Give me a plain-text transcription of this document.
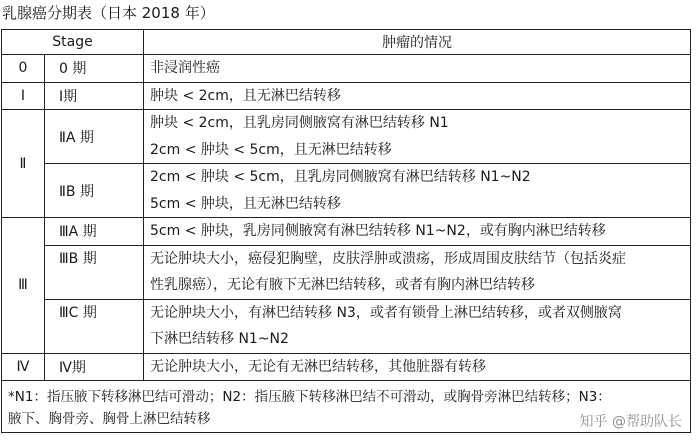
乳腺癌分期表（日本 2018 年）
Stage		肿瘤的情况
0	0 期	非浸润性癌
Ⅰ	Ⅰ期	肿块 < 2cm，且无淋巴结转移
Ⅱ	ⅡA 期	肿块 < 2cm，且乳房同侧腋窝有淋巴结转移 N1
2cm < 肿块 < 5cm，且无淋巴结转移

	ⅡB 期	2cm < 肿块 < 5cm，且乳房同侧腋窝有淋巴结转移 N1~N2
5cm < 肿块，且无淋巴结转移

Ⅲ	ⅢA 期	5cm < 肿块，乳房同侧腋窝有淋巴结转移 N1~N2，或有胸内淋巴结转移
	ⅢB 期	无论肿块大小，癌侵犯胸壁，皮肤浮肿或溃疡，形成周围皮肤结节（包括炎症
性乳腺癌），无论有腋下无淋巴结转移，或者有胸内淋巴结转移

	ⅢC 期	无论肿块大小，有淋巴结转移 N3，或者有锁骨上淋巴结转移，或者双侧腋窝
下淋巴结转移 N1~N2

Ⅳ	Ⅳ期	无论肿块大小，无论有无淋巴结转移，其他脏器有转移

*N1：指压腋下转移淋巴结可滑动；N2：指压腋下转移淋巴结不可滑动，或胸骨旁淋巴结转移；N3：
腋下、胸骨旁、胸骨上淋巴结转移			知乎 @帮助队长
